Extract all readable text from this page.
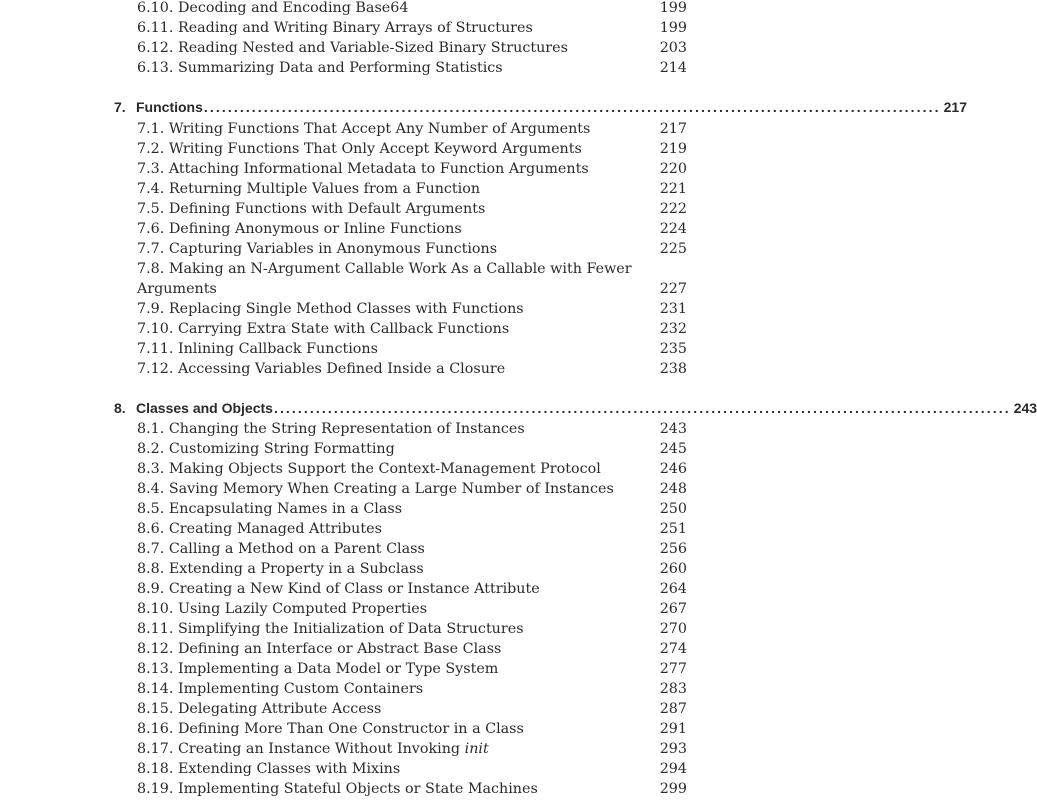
6.10. Decoding and Encoding Base64	199
6.11. Reading and Writing Binary Arrays of Structures	199
6.12. Reading Nested and Variable-Sized Binary Structures	203
6.13. Summarizing Data and Performing Statistics	214
7. Functions ........................................................................................................................... 217
7.1. Writing Functions That Accept Any Number of Arguments	217
7.2. Writing Functions That Only Accept Keyword Arguments	219
7.3. Attaching Informational Metadata to Function Arguments	220
7.4. Returning Multiple Values from a Function	221
7.5. Defining Functions with Default Arguments	222
7.6. Defining Anonymous or Inline Functions	224
7.7. Capturing Variables in Anonymous Functions	225
7.8. Making an N-Argument Callable Work As a Callable with Fewer
Arguments	227
7.9. Replacing Single Method Classes with Functions	231
7.10. Carrying Extra State with Callback Functions	232
7.11. Inlining Callback Functions	235
7.12. Accessing Variables Defined Inside a Closure	238
8. Classes and Objects ........................................................................................................................... 243
8.1. Changing the String Representation of Instances	243
8.2. Customizing String Formatting	245
8.3. Making Objects Support the Context-Management Protocol	246
8.4. Saving Memory When Creating a Large Number of Instances	248
8.5. Encapsulating Names in a Class	250
8.6. Creating Managed Attributes	251
8.7. Calling a Method on a Parent Class	256
8.8. Extending a Property in a Subclass	260
8.9. Creating a New Kind of Class or Instance Attribute	264
8.10. Using Lazily Computed Properties	267
8.11. Simplifying the Initialization of Data Structures	270
8.12. Defining an Interface or Abstract Base Class	274
8.13. Implementing a Data Model or Type System	277
8.14. Implementing Custom Containers	283
8.15. Delegating Attribute Access	287
8.16. Defining More Than One Constructor in a Class	291
8.17. Creating an Instance Without Invoking init	293
8.18. Extending Classes with Mixins	294
8.19. Implementing Stateful Objects or State Machines	299
